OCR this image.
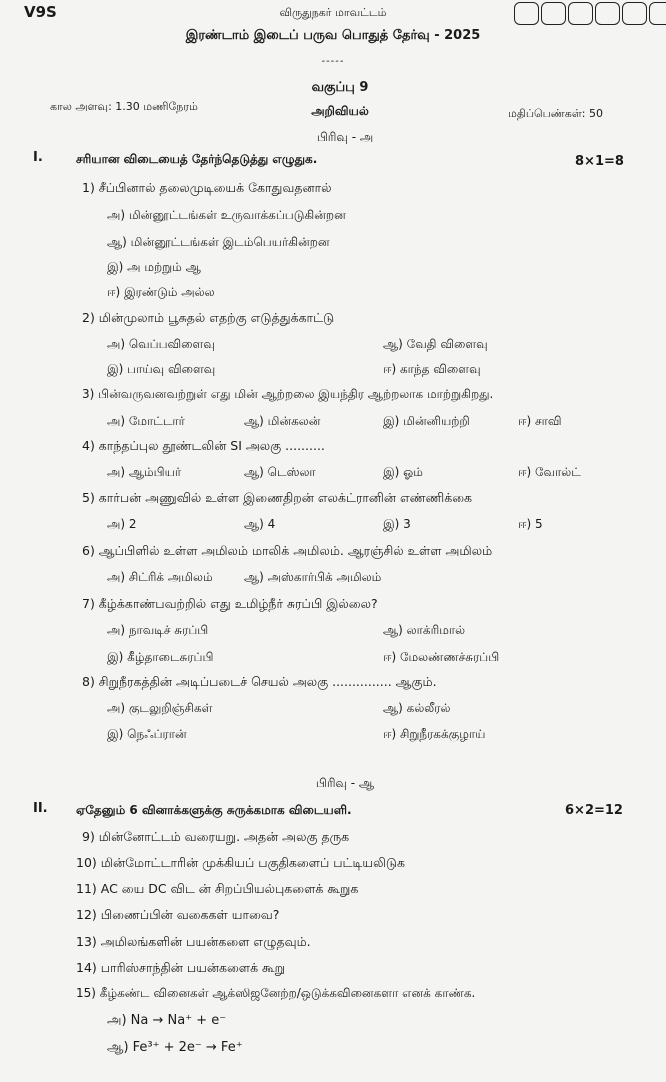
V9S	விருதுநகர் மாவட்டம்
இரண்டாம் இடைப் பருவ பொதுத் தேர்வு - 2025
-----
வகுப்பு 9
அறிவியல்
கால அளவு: 1.30 மணிநேரம்
மதிப்பெண்கள்: 50
பிரிவு - அ
I.	சரியான விடையைத் தேர்ந்தெடுத்து எழுதுக.	8×1=8
1) சீப்பினால் தலைமுடியைக் கோதுவதனால்
அ) மின்னூட்டங்கள் உருவாக்கப்படுகின்றன
ஆ) மின்னூட்டங்கள் இடம்பெயர்கின்றன
இ) அ மற்றும் ஆ
ஈ) இரண்டும் அல்ல
2) மின்முலாம் பூசுதல் எதற்கு எடுத்துக்காட்டு
அ) வெப்பவிளைவு	ஆ) வேதி விளைவு
இ) பாய்வு விளைவு	ஈ) காந்த விளைவு
3) பின்வருவனவற்றுள் எது மின் ஆற்றலை இயந்திர ஆற்றலாக மாற்றுகிறது.
அ) மோட்டார்	ஆ) மின்கலன்	இ) மின்னியற்றி	ஈ) சாவி
4) காந்தப்புல தூண்டலின் SI அலகு ..........
அ) ஆம்பியர்	ஆ) டெஸ்லா	இ) ஓம்	ஈ) வோல்ட்
5) கார்பன் அணுவில் உள்ள இணைதிறன் எலக்ட்ரானின் எண்ணிக்கை
அ) 2	ஆ) 4	இ) 3	ஈ) 5
6) ஆப்பிளில் உள்ள அமிலம் மாலிக் அமிலம். ஆரஞ்சில் உள்ள அமிலம்
அ) சிட்ரிக் அமிலம்	ஆ) அஸ்கார்பிக் அமிலம்
7) கீழ்க்காண்பவற்றில் எது உமிழ்நீர் சுரப்பி இல்லை?
அ) நாவடிச் சுரப்பி	ஆ) லாக்ரிமால்
இ) கீழ்தாடைசுரப்பி	ஈ) மேலண்ணச்சுரப்பி
8) சிறுநீரகத்தின் அடிப்படைச் செயல் அலகு ............... ஆகும்.
அ) குடலுறிஞ்சிகள்	ஆ) கல்லீரல்
இ) நெஃப்ரான்	ஈ) சிறுநீரகக்குழாய்
பிரிவு - ஆ
II. ஏதேனும் 6 வினாக்களுக்கு சுருக்கமாக விடையளி.	6×2=12
9) மின்னோட்டம் வரையறு. அதன் அலகு தருக
10) மின்மோட்டாரின் முக்கியப் பகுதிகளைப் பட்டியலிடுக
11) AC யை DC விட ன் சிறப்பியல்புகளைக் கூறுக
12) பிணைப்பின் வகைகள் யாவை?
13) அமிலங்களின் பயன்களை எழுதவும்.
14) பாரிஸ்சாந்தின் பயன்களைக் கூறு
15) கீழ்கண்ட வினைகள் ஆக்ஸிஜனேற்ற/ஒடுக்கவினைகளா எனக் காண்க.
அ) Na → Na⁺ + e⁻
ஆ) Fe³⁺ + 2e⁻ → Fe⁺
